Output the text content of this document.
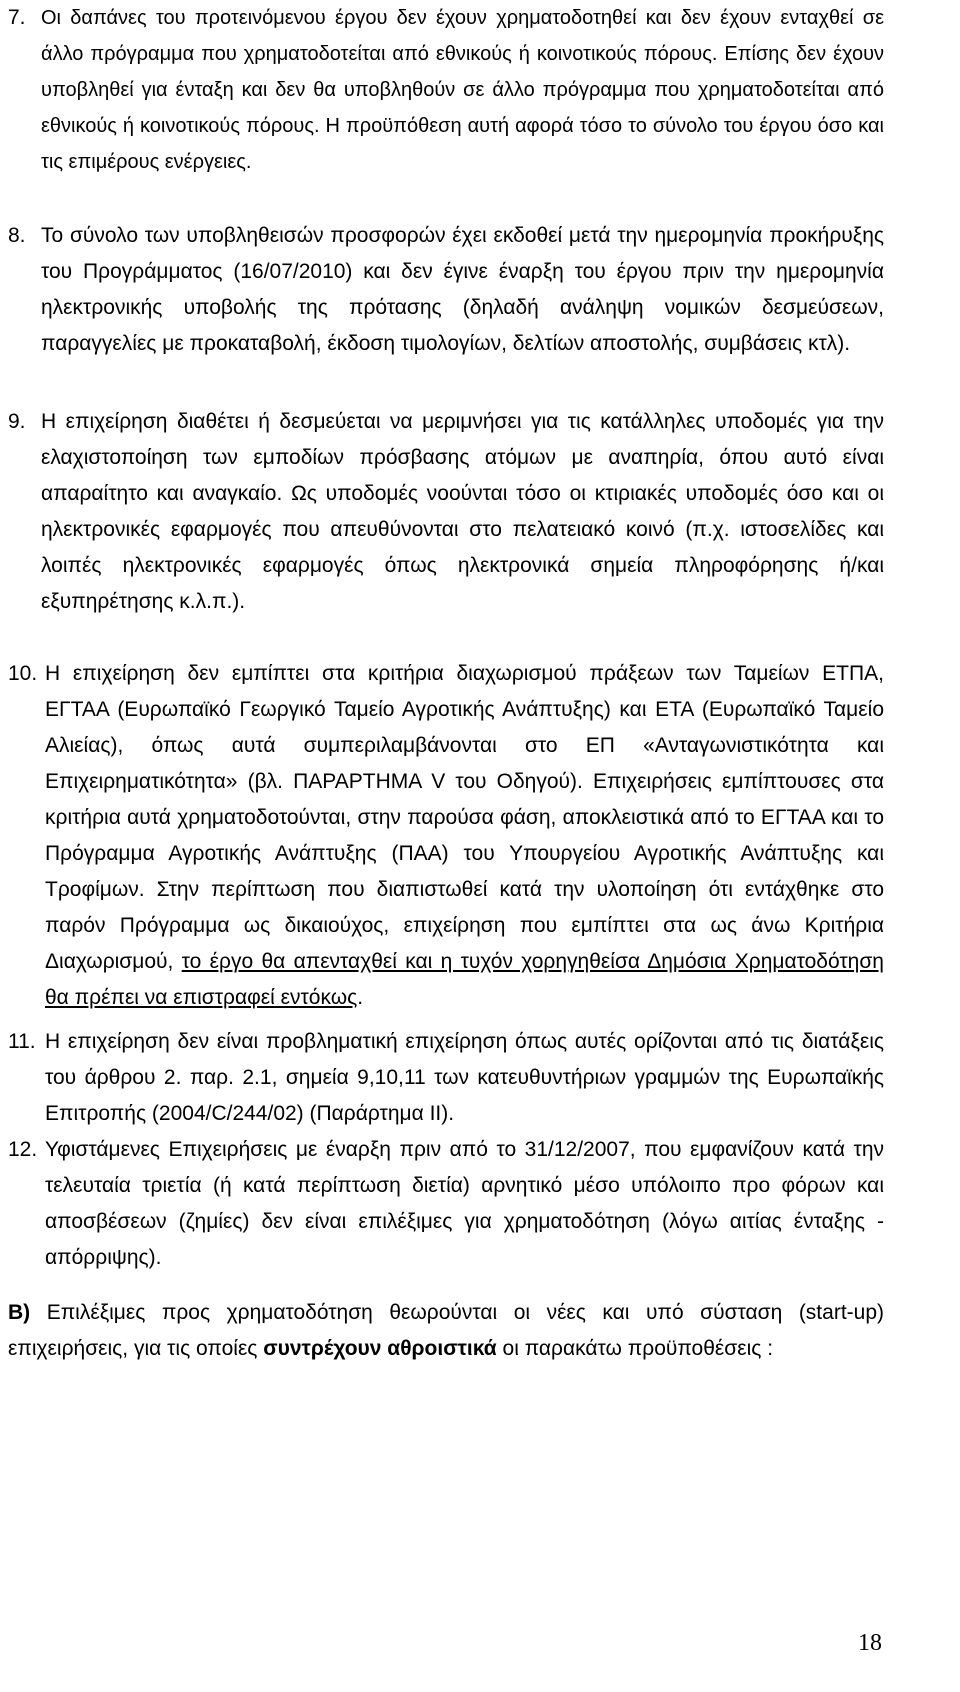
7. Οι δαπάνες του προτεινόμενου έργου δεν έχουν χρηματοδοτηθεί και δεν έχουν ενταχθεί σε άλλο πρόγραμμα που χρηματοδοτείται από εθνικούς ή κοινοτικούς πόρους. Επίσης δεν έχουν υποβληθεί για ένταξη και δεν θα υποβληθούν σε άλλο πρόγραμμα που χρηματοδοτείται από εθνικούς ή κοινοτικούς πόρους. Η προϋπόθεση αυτή αφορά τόσο το σύνολο του έργου όσο και τις επιμέρους ενέργειες.
8. Το σύνολο των υποβληθεισών προσφορών έχει εκδοθεί μετά την ημερομηνία προκήρυξης του Προγράμματος (16/07/2010) και δεν έγινε έναρξη του έργου πριν την ημερομηνία ηλεκτρονικής υποβολής της πρότασης (δηλαδή ανάληψη νομικών δεσμεύσεων, παραγγελίες με προκαταβολή, έκδοση τιμολογίων, δελτίων αποστολής, συμβάσεις κτλ).
9. Η επιχείρηση διαθέτει ή δεσμεύεται να μεριμνήσει για τις κατάλληλες υποδομές για την ελαχιστοποίηση των εμποδίων πρόσβασης ατόμων με αναπηρία, όπου αυτό είναι απαραίτητο και αναγκαίο. Ως υποδομές νοούνται τόσο οι κτιριακές υποδομές όσο και οι ηλεκτρονικές εφαρμογές που απευθύνονται στο πελατειακό κοινό (π.χ. ιστοσελίδες και λοιπές ηλεκτρονικές εφαρμογές όπως ηλεκτρονικά σημεία πληροφόρησης ή/και εξυπηρέτησης κ.λ.π.).
10. Η επιχείρηση δεν εμπίπτει στα κριτήρια διαχωρισμού πράξεων των Ταμείων ΕΤΠΑ, ΕΓΤΑΑ (Ευρωπαϊκό Γεωργικό Ταμείο Αγροτικής Ανάπτυξης) και ΕΤΑ (Ευρωπαϊκό Ταμείο Αλιείας), όπως αυτά συμπεριλαμβάνονται στο ΕΠ «Ανταγωνιστικότητα και Επιχειρηματικότητα» (βλ. ΠΑΡΑΡΤΗΜΑ V του Οδηγού). Επιχειρήσεις εμπίπτουσες στα κριτήρια αυτά χρηματοδοτούνται, στην παρούσα φάση, αποκλειστικά από το ΕΓΤΑΑ και το Πρόγραμμα Αγροτικής Ανάπτυξης (ΠΑΑ) του Υπουργείου Αγροτικής Ανάπτυξης και Τροφίμων. Στην περίπτωση που διαπιστωθεί κατά την υλοποίηση ότι εντάχθηκε στο παρόν Πρόγραμμα ως δικαιούχος, επιχείρηση που εμπίπτει στα ως άνω Κριτήρια Διαχωρισμού, το έργο θα απενταχθεί και η τυχόν χορηγηθείσα Δημόσια Χρηματοδότηση θα πρέπει να επιστραφεί εντόκως.
11. Η επιχείρηση δεν είναι προβληματική επιχείρηση όπως αυτές ορίζονται από τις διατάξεις του άρθρου 2. παρ. 2.1, σημεία 9,10,11 των κατευθυντήριων γραμμών της Ευρωπαϊκής Επιτροπής (2004/C/244/02) (Παράρτημα II).
12. Υφιστάμενες Επιχειρήσεις με έναρξη πριν από το 31/12/2007, που εμφανίζουν κατά την τελευταία τριετία (ή κατά περίπτωση διετία) αρνητικό μέσο υπόλοιπο προ φόρων και αποσβέσεων (ζημίες) δεν είναι επιλέξιμες για χρηματοδότηση (λόγω αιτίας ένταξης - απόρριψης).
Β) Επιλέξιμες προς χρηματοδότηση θεωρούνται οι νέες και υπό σύσταση (start-up) επιχειρήσεις, για τις οποίες συντρέχουν αθροιστικά οι παρακάτω προϋποθέσεις :
18
